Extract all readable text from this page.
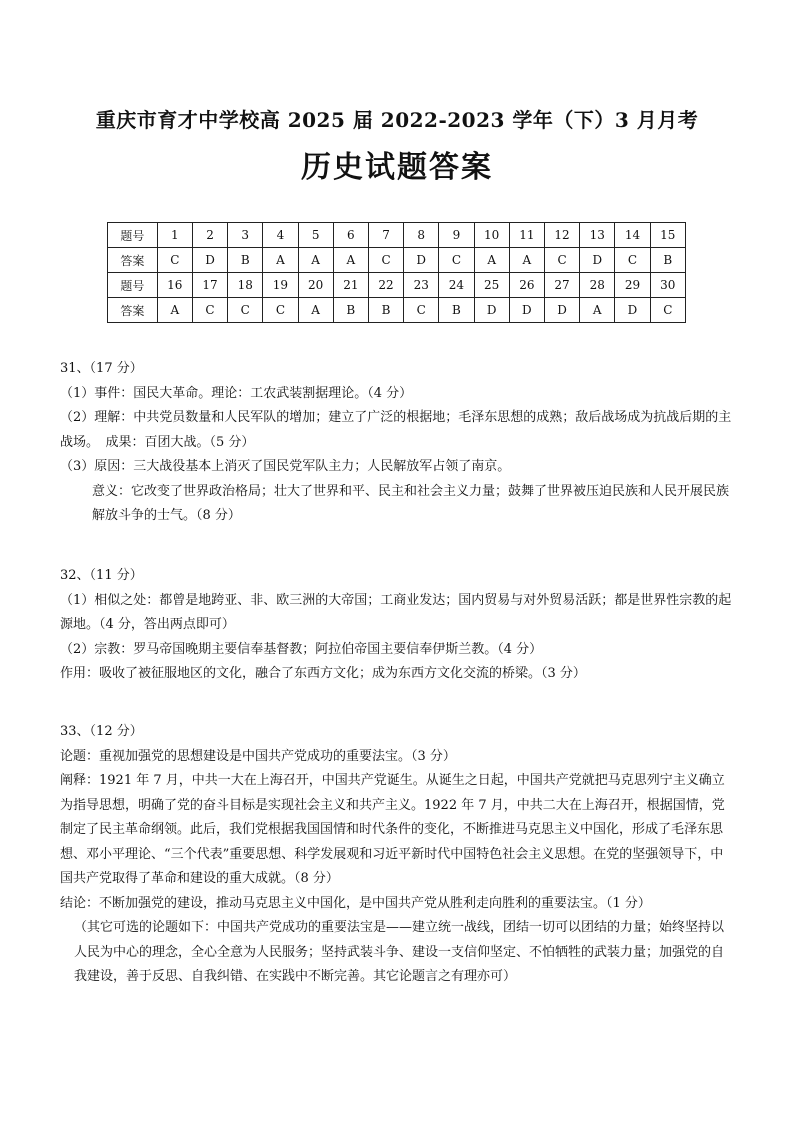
重庆市育才中学校高 2025 届 2022-2023 学年（下）3 月月考
历史试题答案
题号	1	2	3	4	5	6	7	8	9	10	11	12	13	14	15
答案	C	D	B	A	A	A	C	D	C	A	A	C	D	C	B
题号	16	17	18	19	20	21	22	23	24	25	26	27	28	29	30
答案	A	C	C	C	A	B	B	C	B	D	D	D	A	D	C

31、（17 分）

（1）事件：国民大革命。理论：工农武装割据理论。（4 分）

（2）理解：中共党员数量和人民军队的增加；建立了广泛的根据地；毛泽东思想的成熟；敌后战场成为抗战后期的主战场。　成果：百团大战。（5 分）

（3）原因：三大战役基本上消灭了国民党军队主力；人民解放军占领了南京。

意义：它改变了世界政治格局；壮大了世界和平、民主和社会主义力量；鼓舞了世界被压迫民族和人民开展民族解放斗争的士气。（8 分）

32、（11 分）

（1）相似之处：都曾是地跨亚、非、欧三洲的大帝国；工商业发达；国内贸易与对外贸易活跃；都是世界性宗教的起源地。（4 分，答出两点即可）

（2）宗教：罗马帝国晚期主要信奉基督教；阿拉伯帝国主要信奉伊斯兰教。（4 分）

作用：吸收了被征服地区的文化，融合了东西方文化；成为东西方文化交流的桥梁。（3 分）

33、（12 分）

论题：重视加强党的思想建设是中国共产党成功的重要法宝。（3 分）

阐释：1921 年 7 月，中共一大在上海召开，中国共产党诞生。从诞生之日起，中国共产党就把马克思列宁主义确立为指导思想，明确了党的奋斗目标是实现社会主义和共产主义。1922 年 7 月，中共二大在上海召开，根据国情，党制定了民主革命纲领。此后，我们党根据我国国情和时代条件的变化，不断推进马克思主义中国化，形成了毛泽东思想、邓小平理论、“三个代表”重要思想、科学发展观和习近平新时代中国特色社会主义思想。在党的坚强领导下，中国共产党取得了革命和建设的重大成就。（8 分）

结论：不断加强党的建设，推动马克思主义中国化，是中国共产党从胜利走向胜利的重要法宝。（1 分）

（其它可选的论题如下：中国共产党成功的重要法宝是——建立统一战线，团结一切可以团结的力量；始终坚持以人民为中心的理念，全心全意为人民服务；坚持武装斗争、建设一支信仰坚定、不怕牺牲的武装力量；加强党的自我建设，善于反思、自我纠错、在实践中不断完善。其它论题言之有理亦可）
